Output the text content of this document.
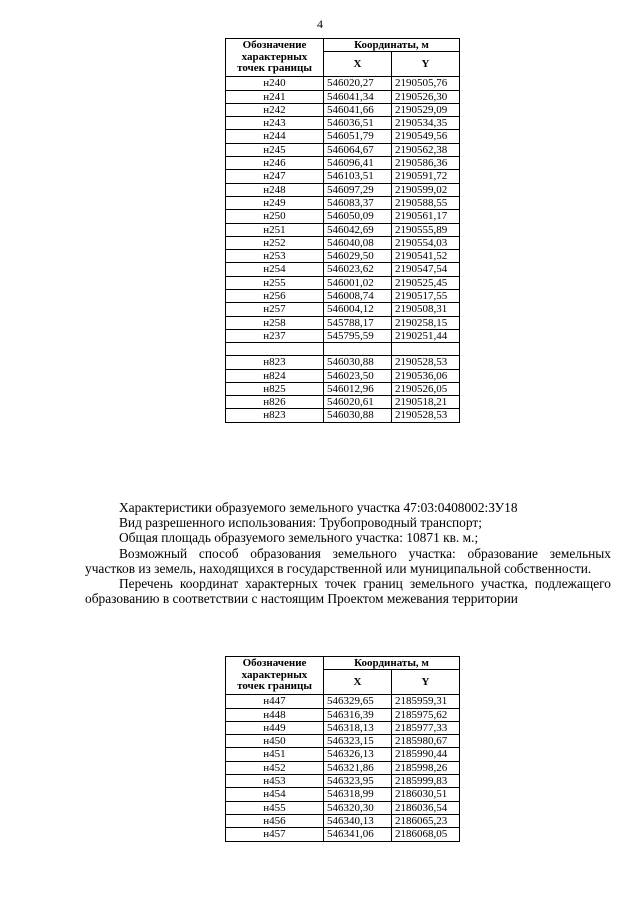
4
Обозначение характерных точек границы	Координаты, м	
	X	Y
н240	546020,27	2190505,76
н241	546041,34	2190526,30
н242	546041,66	2190529,09
н243	546036,51	2190534,35
н244	546051,79	2190549,56
н245	546064,67	2190562,38
н246	546096,41	2190586,36
н247	546103,51	2190591,72
н248	546097,29	2190599,02
н249	546083,37	2190588,55
н250	546050,09	2190561,17
н251	546042,69	2190555,89
н252	546040,08	2190554,03
н253	546029,50	2190541,52
н254	546023,62	2190547,54
н255	546001,02	2190525,45
н256	546008,74	2190517,55
н257	546004,12	2190508,31
н258	545788,17	2190258,15
н237	545795,59	2190251,44

н823	546030,88	2190528,53
н824	546023,50	2190536,06
н825	546012,96	2190526,05
н826	546020,61	2190518,21
н823	546030,88	2190528,53

Характеристики образуемого земельного участка 47:03:0408002:ЗУ18

Вид разрешенного использования: Трубопроводный транспорт;

Общая площадь образуемого земельного участка: 10871 кв. м.;

Возможный способ образования земельного участка: образование земельных участков из земель, находящихся в государственной или муниципальной собственности.

Перечень координат характерных точек границ земельного участка, подлежащего образованию в соответствии с настоящим Проектом межевания территории

Обозначение характерных точек границы	Координаты, м	
	X	Y
н447	546329,65	2185959,31
н448	546316,39	2185975,62
н449	546318,13	2185977,33
н450	546323,15	2185980,67
н451	546326,13	2185990,44
н452	546321,86	2185998,26
н453	546323,95	2185999,83
н454	546318,99	2186030,51
н455	546320,30	2186036,54
н456	546340,13	2186065,23
н457	546341,06	2186068,05
